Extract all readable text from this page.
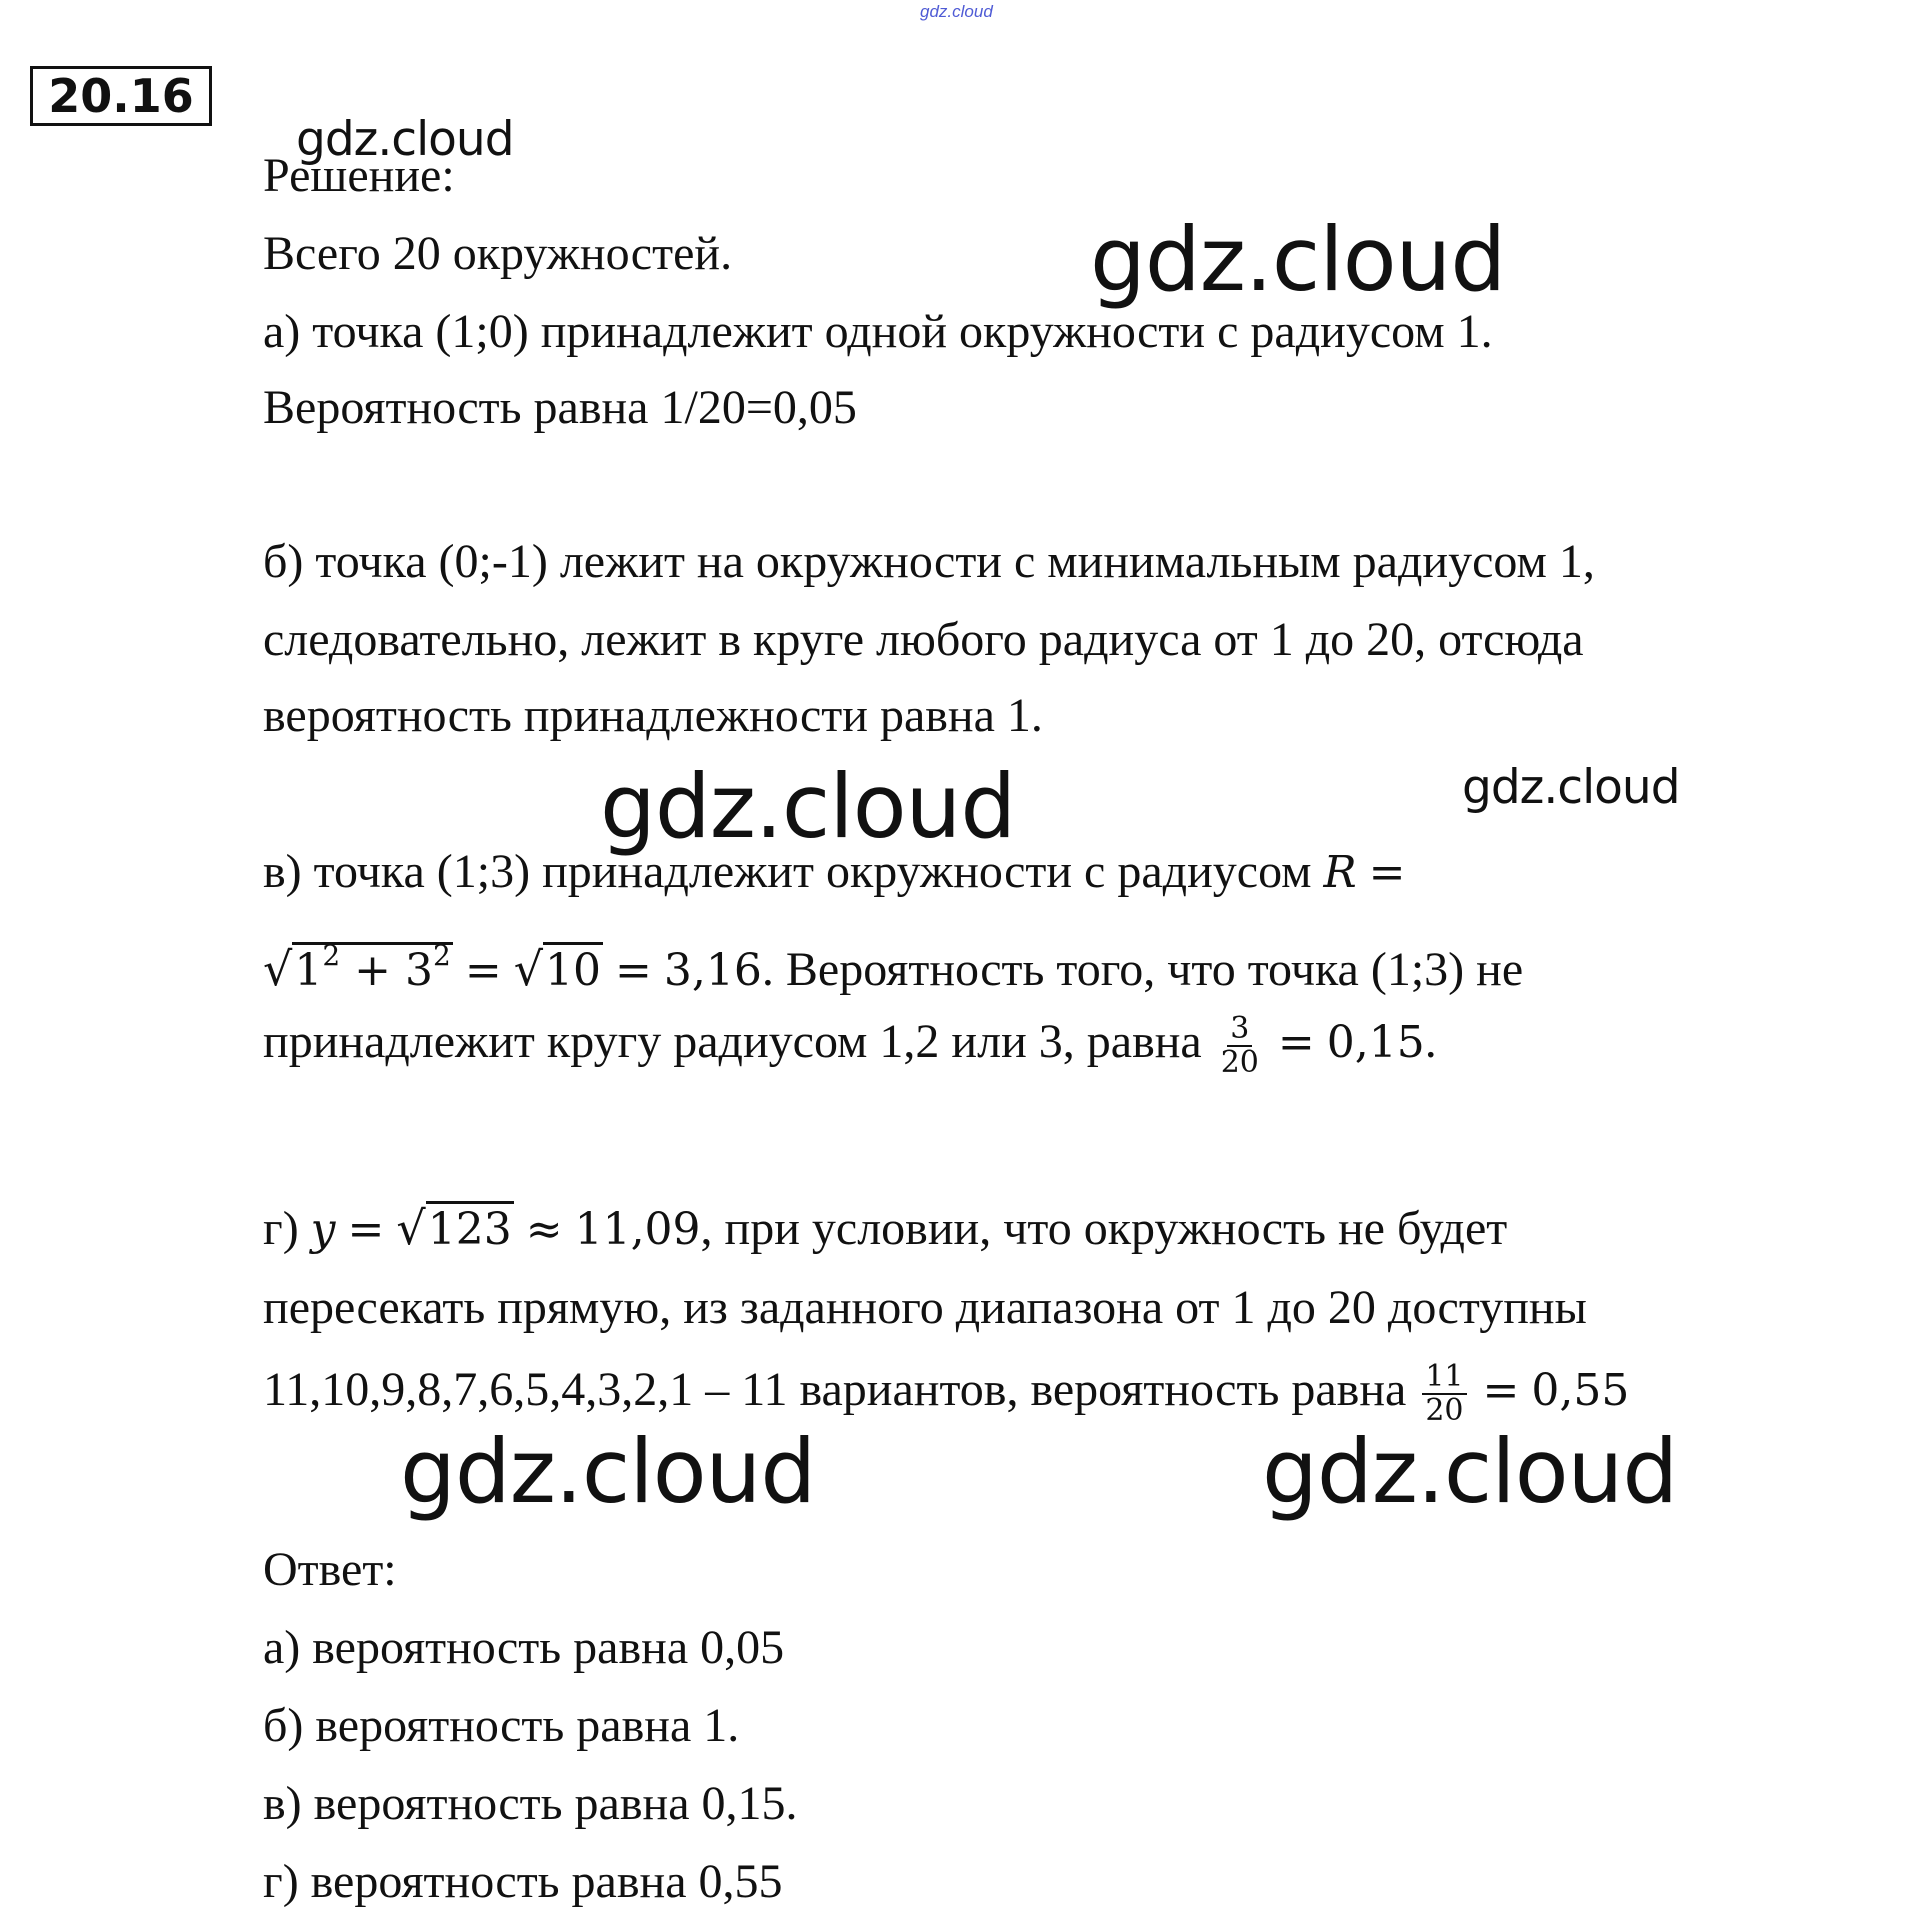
gdz.cloud
20.16
gdz.cloud
gdz.cloud
gdz.cloud	gdz.cloud
gdz.cloud	gdz.cloud
Решение:
Всего 20 окружностей.
а) точка (1;0) принадлежит одной окружности с радиусом 1.
Вероятность равна 1/20=0,05
б) точка (0;-1) лежит на окружности с минимальным радиусом 1,
следовательно, лежит в круге любого радиуса от 1 до 20, отсюда
вероятность принадлежности равна 1.
в) точка (1;3) принадлежит окружности с радиусом R =
$√1^2 + 3^2 = √10 = 3,16$. Вероятность того, что точка (1;3) не
принадлежит кругу радиусом 1,2 или 3, равна $\frac{3}{20} = 0,15$.
г) y = √123 ≈ 11,09, при условии, что окружность не будет
пересекать прямую, из заданного диапазона от 1 до 20 доступны
11,10,9,8,7,6,5,4,3,2,1 – 11 вариантов, вероятность равна $\frac{11}{20} = 0,55$
Ответ:
а) вероятность равна 0,05
б) вероятность равна 1.
в) вероятность равна 0,15.
г) вероятность равна 0,55
